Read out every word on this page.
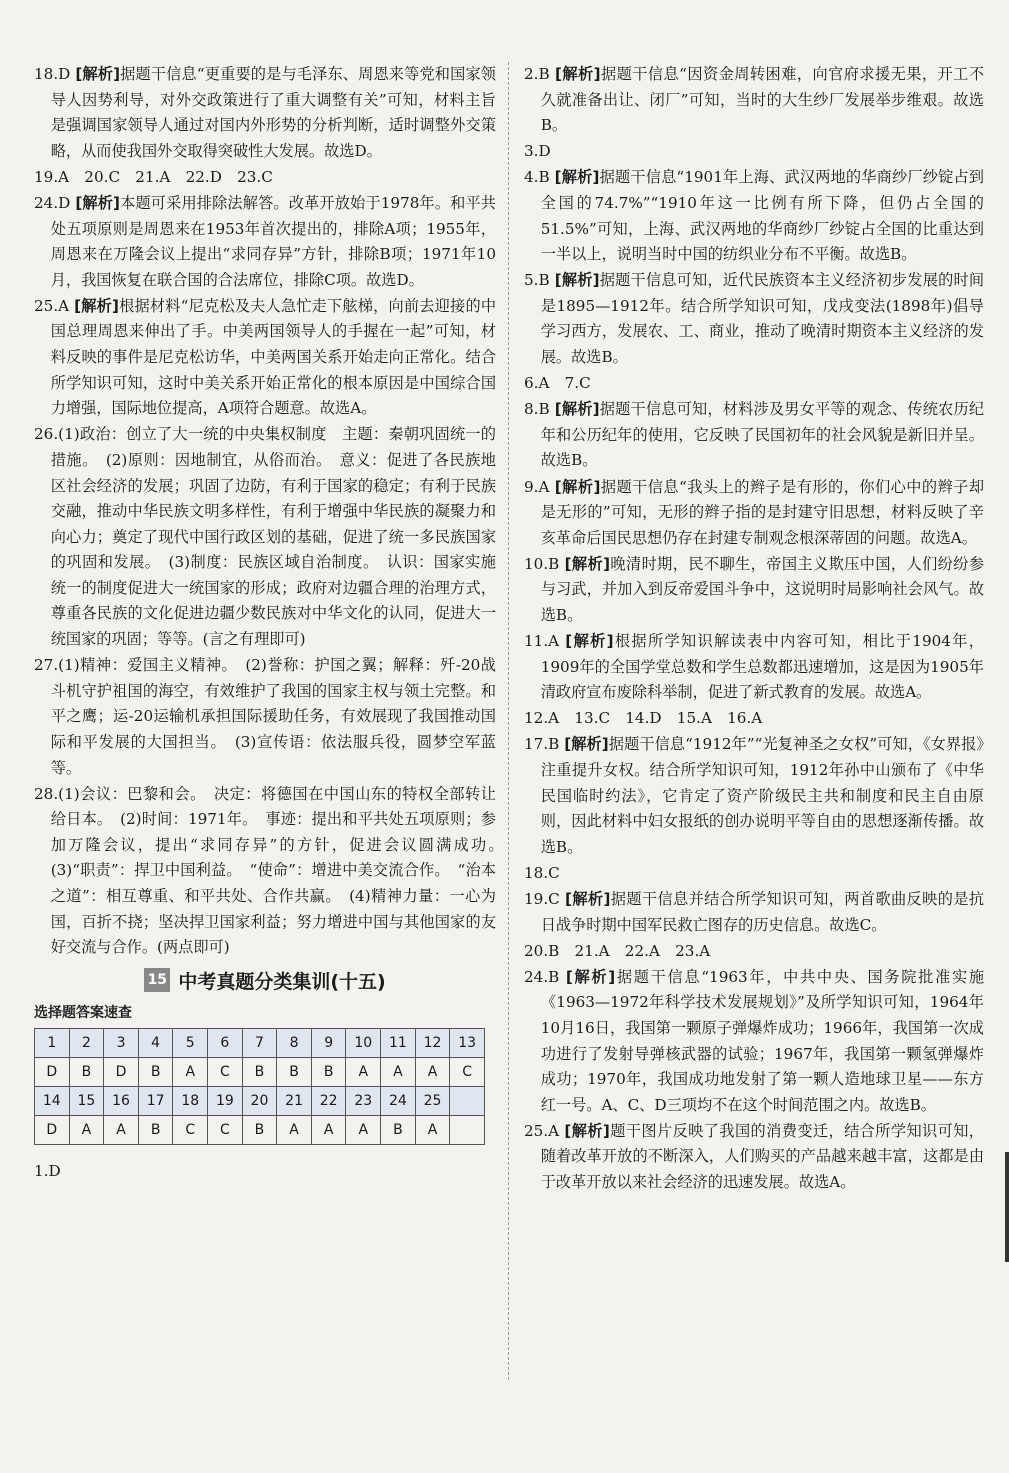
18.D [解析]据题干信息“更重要的是与毛泽东、周恩来等党和国家领导人因势利导，对外交政策进行了重大调整有关”可知，材料主旨是强调国家领导人通过对国内外形势的分析判断，适时调整外交策略，从而使我国外交取得突破性大发展。故选D。
19.A　20.C　21.A　22.D　23.C
24.D [解析]本题可采用排除法解答。改革开放始于1978年。和平共处五项原则是周恩来在1953年首次提出的，排除A项；1955年，周恩来在万隆会议上提出“求同存异”方针，排除B项；1971年10月，我国恢复在联合国的合法席位，排除C项。故选D。
25.A [解析]根据材料“尼克松及夫人急忙走下舷梯，向前去迎接的中国总理周恩来伸出了手。中美两国领导人的手握在一起”可知，材料反映的事件是尼克松访华，中美两国关系开始走向正常化。结合所学知识可知，这时中美关系开始正常化的根本原因是中国综合国力增强，国际地位提高，A项符合题意。故选A。
26.(1)政治：创立了大一统的中央集权制度　主题：秦朝巩固统一的措施。　(2)原则：因地制宜，从俗而治。　意义：促进了各民族地区社会经济的发展；巩固了边防，有利于国家的稳定；有利于民族交融，推动中华民族文明多样性，有利于增强中华民族的凝聚力和向心力；奠定了现代中国行政区划的基础，促进了统一多民族国家的巩固和发展。　(3)制度：民族区域自治制度。　认识：国家实施统一的制度促进大一统国家的形成；政府对边疆合理的治理方式，尊重各民族的文化促进边疆少数民族对中华文化的认同，促进大一统国家的巩固；等等。(言之有理即可)
27.(1)精神：爱国主义精神。　(2)誉称：护国之翼；解释：歼-20战斗机守护祖国的海空，有效维护了我国的国家主权与领土完整。和平之鹰；运-20运输机承担国际援助任务，有效展现了我国推动国际和平发展的大国担当。　(3)宣传语：依法服兵役，圆梦空军蓝等。
28.(1)会议：巴黎和会。　决定：将德国在中国山东的特权全部转让给日本。　(2)时间：1971年。　事迹：提出和平共处五项原则；参加万隆会议，提出“求同存异”的方针，促进会议圆满成功。　(3)“职责”：捍卫中国利益。　“使命”：增进中美交流合作。　“治本之道”：相互尊重、和平共处、合作共赢。　(4)精神力量：一心为国，百折不挠；坚决捍卫国家利益；努力增进中国与其他国家的友好交流与合作。(两点即可)
15 中考真题分类集训(十五)
选择题答案速查
1	2	3	4	5	6	7	8	9	10	11	12	13
D	B	D	B	A	C	B	B	B	A	A	A	C
14	15	16	17	18	19	20	21	22	23	24	25	
D	A	A	B	C	C	B	A	A	A	B	A	
1.D
2.B [解析]据题干信息“因资金周转困难，向官府求援无果，开工不久就准备出让、闭厂”可知，当时的大生纱厂发展举步维艰。故选B。
3.D
4.B [解析]据题干信息“1901年上海、武汉两地的华商纱厂纱锭占到全国的74.7%”“1910年这一比例有所下降，但仍占全国的51.5%”可知，上海、武汉两地的华商纱厂纱锭占全国的比重达到一半以上，说明当时中国的纺织业分布不平衡。故选B。
5.B [解析]据题干信息可知，近代民族资本主义经济初步发展的时间是1895—1912年。结合所学知识可知，戊戌变法(1898年)倡导学习西方，发展农、工、商业，推动了晚清时期资本主义经济的发展。故选B。
6.A　7.C
8.B [解析]据题干信息可知，材料涉及男女平等的观念、传统农历纪年和公历纪年的使用，它反映了民国初年的社会风貌是新旧并呈。故选B。
9.A [解析]据题干信息“我头上的辫子是有形的，你们心中的辫子却是无形的”可知，无形的辫子指的是封建守旧思想，材料反映了辛亥革命后国民思想仍存在封建专制观念根深蒂固的问题。故选A。
10.B [解析]晚清时期，民不聊生，帝国主义欺压中国，人们纷纷参与习武，并加入到反帝爱国斗争中，这说明时局影响社会风气。故选B。
11.A [解析]根据所学知识解读表中内容可知，相比于1904年，1909年的全国学堂总数和学生总数都迅速增加，这是因为1905年清政府宣布废除科举制，促进了新式教育的发展。故选A。
12.A　13.C　14.D　15.A　16.A
17.B [解析]据题干信息“1912年”“光复神圣之女权”可知，《女界报》注重提升女权。结合所学知识可知，1912年孙中山颁布了《中华民国临时约法》，它肯定了资产阶级民主共和制度和民主自由原则，因此材料中妇女报纸的创办说明平等自由的思想逐渐传播。故选B。
18.C
19.C [解析]据题干信息并结合所学知识可知，两首歌曲反映的是抗日战争时期中国军民救亡图存的历史信息。故选C。
20.B　21.A　22.A　23.A
24.B [解析]据题干信息“1963年，中共中央、国务院批准实施《1963—1972年科学技术发展规划》”及所学知识可知，1964年10月16日，我国第一颗原子弹爆炸成功；1966年，我国第一次成功进行了发射导弹核武器的试验；1967年，我国第一颗氢弹爆炸成功；1970年，我国成功地发射了第一颗人造地球卫星——东方红一号。A、C、D三项均不在这个时间范围之内。故选B。
25.A [解析]题干图片反映了我国的消费变迁，结合所学知识可知，随着改革开放的不断深入，人们购买的产品越来越丰富，这都是由于改革开放以来社会经济的迅速发展。故选A。
